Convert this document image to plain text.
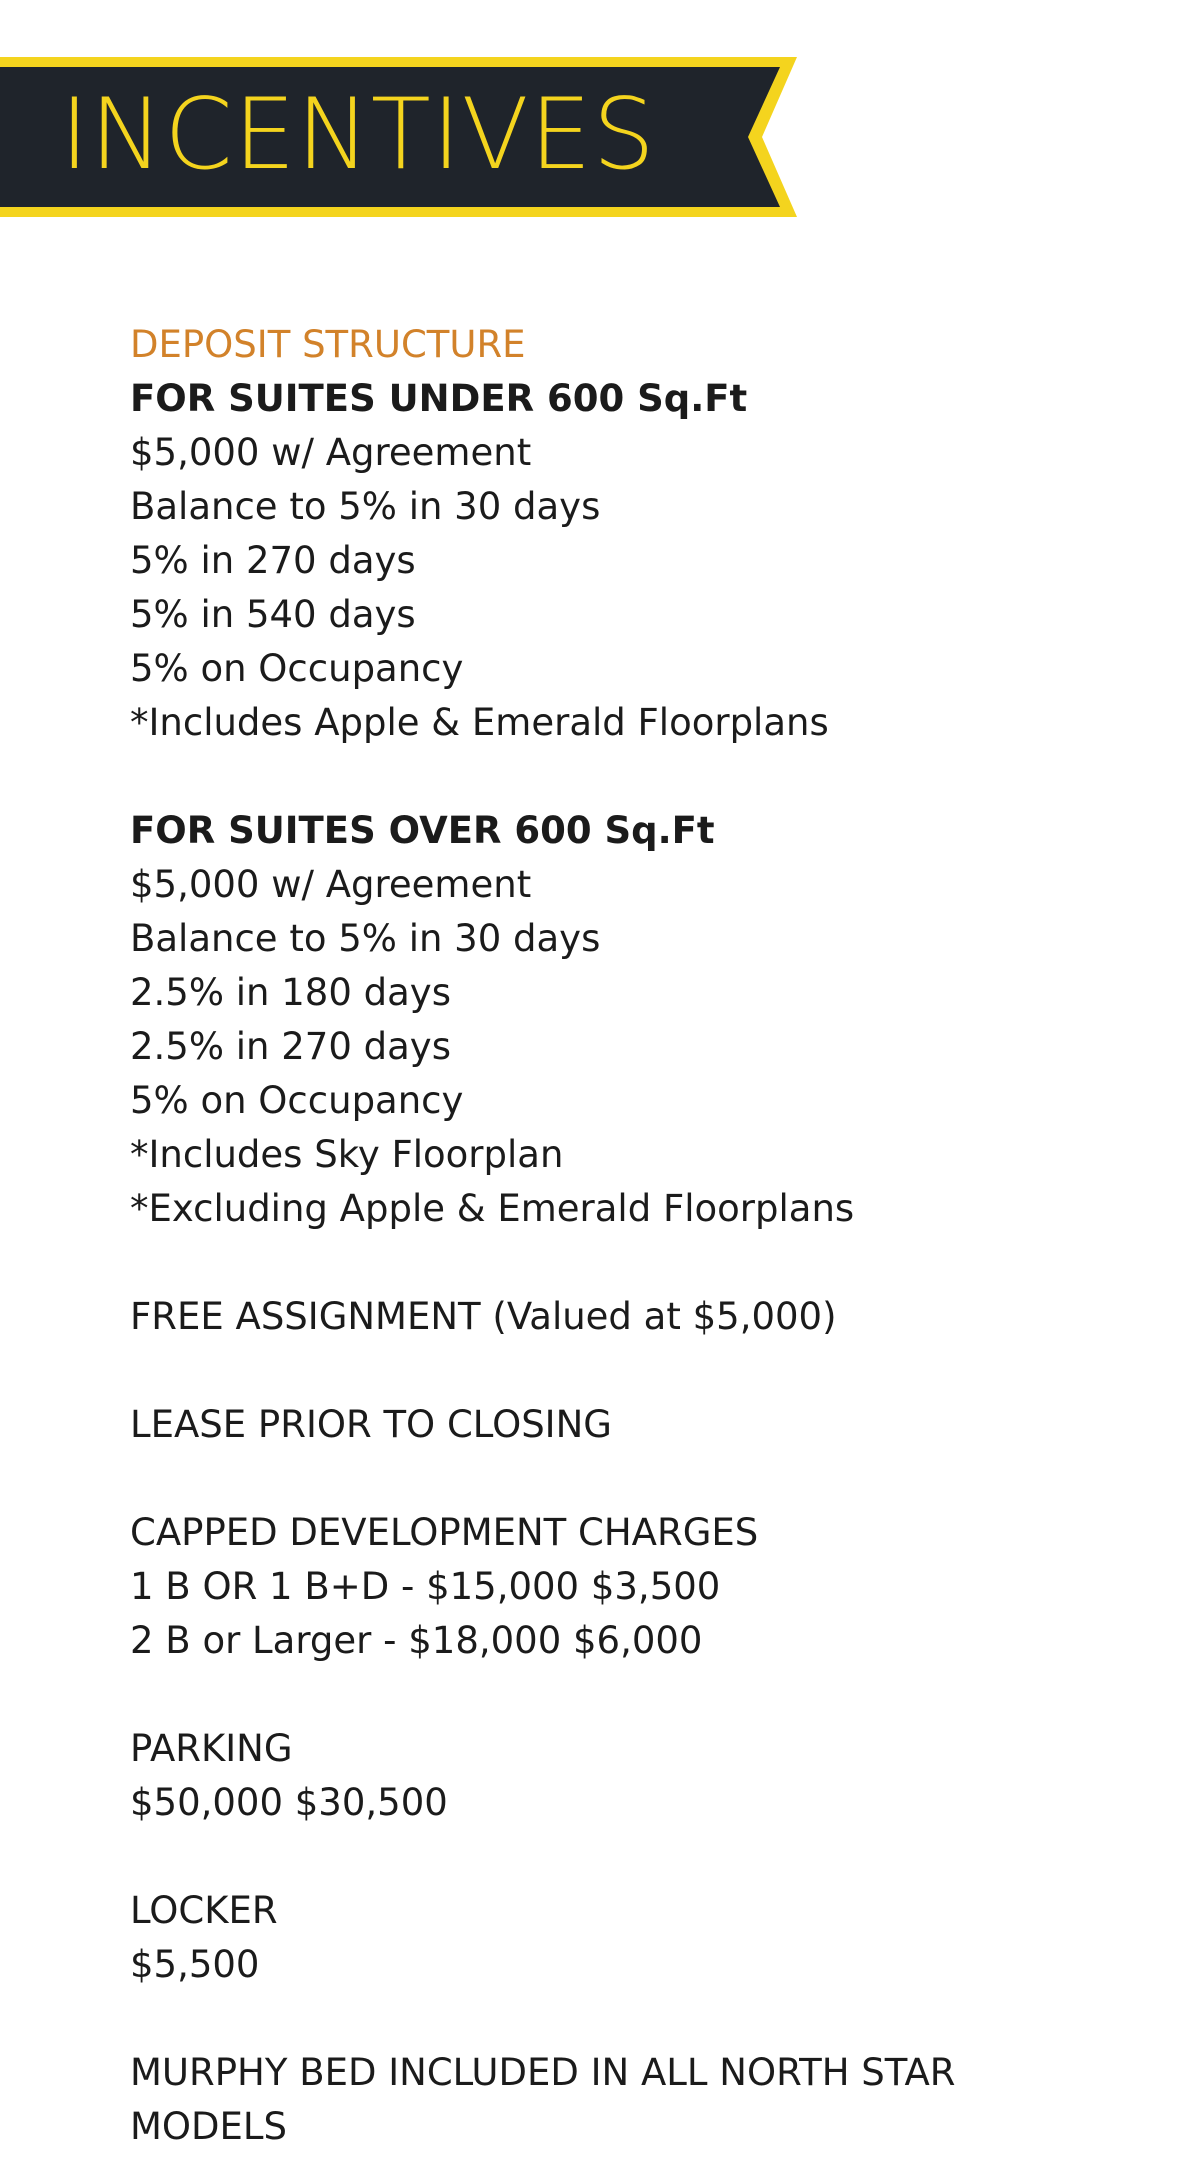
INCENTIVES
DEPOSIT STRUCTURE
FOR SUITES UNDER 600 Sq.Ft
$5,000 w/ Agreement
Balance to 5% in 30 days
5% in 270 days
5% in 540 days
5% on Occupancy
*Includes Apple & Emerald Floorplans
FOR SUITES OVER 600 Sq.Ft
$5,000 w/ Agreement
Balance to 5% in 30 days
2.5% in 180 days
2.5% in 270 days
5% on Occupancy
*Includes Sky Floorplan
*Excluding Apple & Emerald Floorplans
FREE ASSIGNMENT (Valued at $5,000)
LEASE PRIOR TO CLOSING
CAPPED DEVELOPMENT CHARGES
1 B OR 1 B+D - $15,000 $3,500
2 B or Larger - $18,000 $6,000
PARKING
$50,000 $30,500
LOCKER
$5,500
MURPHY BED INCLUDED IN ALL NORTH STAR MODELS
